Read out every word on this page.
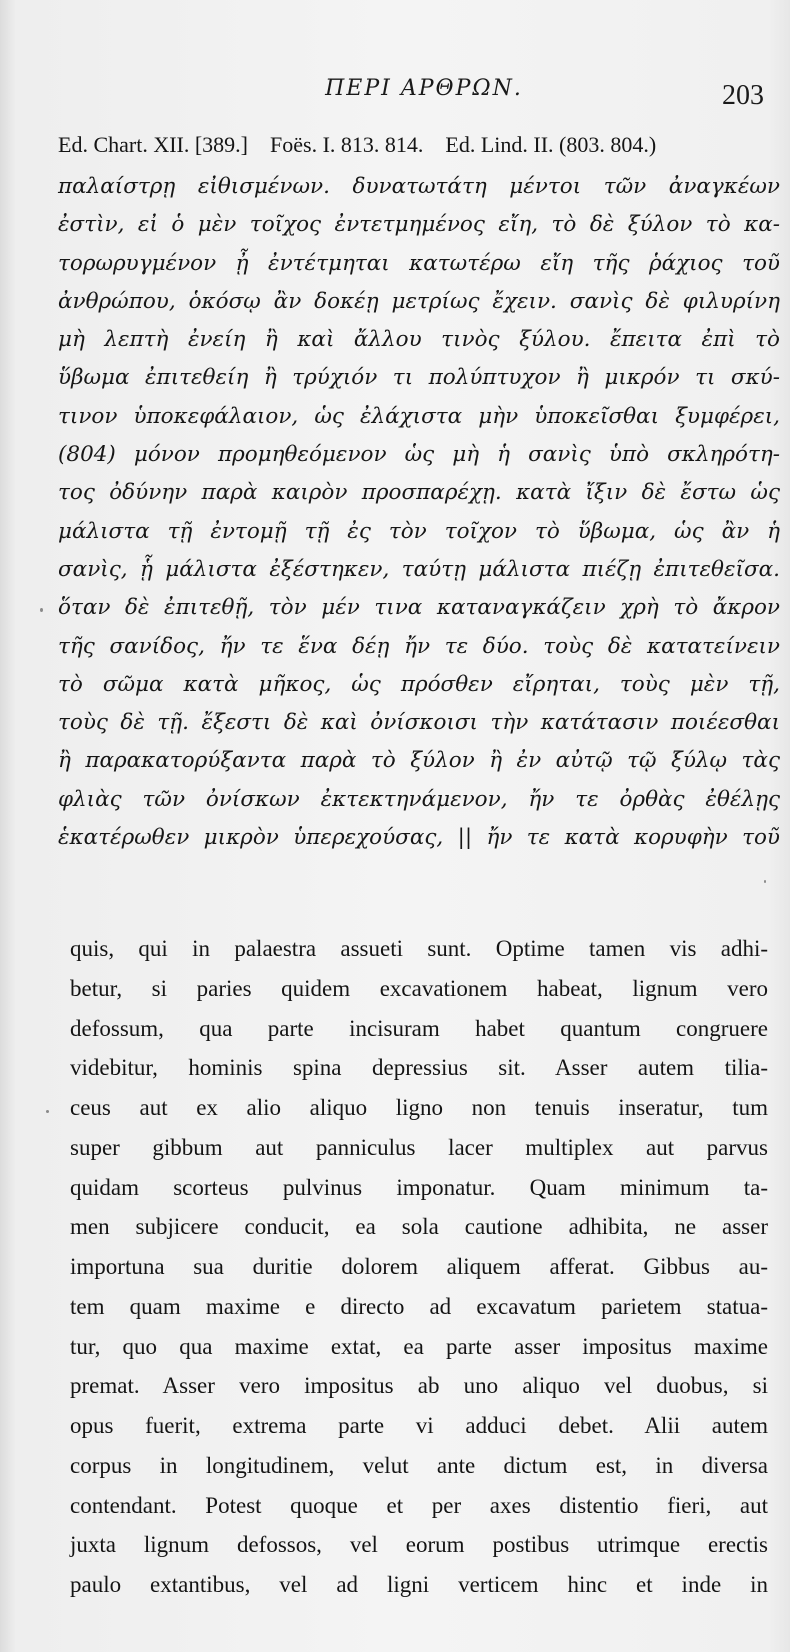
ΠΕΡΙ ΑΡΘΡΩΝ.	203
Ed. Chart. XII. [389.] Foës. I. 813. 814. Ed. Lind. II. (803. 804.)
παλαίστρῃ εἰθισμένων. δυνατωτάτη μέντοι τῶν ἀναγκέων
ἐστὶν, εἰ ὁ μὲν τοῖχος ἐντετμημένος εἴη, τὸ δὲ ξύλον τὸ κα-
τορωρυγμένον ᾖ ἐντέτμηται κατωτέρω εἴη τῆς ῥάχιος τοῦ
ἀνθρώπου, ὁκόσῳ ἂν δοκέῃ μετρίως ἔχειν. σανὶς δὲ φιλυρίνη
μὴ λεπτὴ ἐνείη ἢ καὶ ἄλλου τινὸς ξύλου. ἔπειτα ἐπὶ τὸ
ὕβωμα ἐπιτεθείη ἢ τρύχιόν τι πολύπτυχον ἢ μικρόν τι σκύ-
τινον ὑποκεφάλαιον, ὡς ἐλάχιστα μὴν ὑποκεῖσθαι ξυμφέρει,
(804) μόνον προμηθεόμενον ὡς μὴ ἡ σανὶς ὑπὸ σκληρότη-
τος ὀδύνην παρὰ καιρὸν προσπαρέχῃ. κατὰ ἴξιν δὲ ἔστω ὡς
μάλιστα τῇ ἐντομῇ τῇ ἐς τὸν τοῖχον τὸ ὕβωμα, ὡς ἂν ἡ
σανὶς, ᾗ μάλιστα ἐξέστηκεν, ταύτῃ μάλιστα πιέζῃ ἐπιτεθεῖσα.
ὅταν δὲ ἐπιτεθῇ, τὸν μέν τινα καταναγκάζειν χρὴ τὸ ἄκρον
τῆς σανίδος, ἤν τε ἕνα δέῃ ἤν τε δύο. τοὺς δὲ κατατείνειν
τὸ σῶμα κατὰ μῆκος, ὡς πρόσθεν εἴρηται, τοὺς μὲν τῇ,
τοὺς δὲ τῇ. ἔξεστι δὲ καὶ ὀνίσκοισι τὴν κατάτασιν ποιέεσθαι
ἢ παρακατορύξαντα παρὰ τὸ ξύλον ἢ ἐν αὐτῷ τῷ ξύλῳ τὰς
φλιὰς τῶν ὀνίσκων ἐκτεκτηνάμενον, ἤν τε ὀρθὰς ἐθέλῃς
ἑκατέρωθεν μικρὸν ὑπερεχούσας, || ἤν τε κατὰ κορυφὴν τοῦ
quis, qui in palaestra assueti sunt. Optime tamen vis adhi-
betur, si paries quidem excavationem habeat, lignum vero
defossum, qua parte incisuram habet quantum congruere
videbitur, hominis spina depressius sit. Asser autem tilia-
ceus aut ex alio aliquo ligno non tenuis inseratur, tum
super gibbum aut panniculus lacer multiplex aut parvus
quidam scorteus pulvinus imponatur. Quam minimum ta-
men subjicere conducit, ea sola cautione adhibita, ne asser
importuna sua duritie dolorem aliquem afferat. Gibbus au-
tem quam maxime e directo ad excavatum parietem statua-
tur, quo qua maxime extat, ea parte asser impositus maxime
premat. Asser vero impositus ab uno aliquo vel duobus, si
opus fuerit, extrema parte vi adduci debet. Alii autem
corpus in longitudinem, velut ante dictum est, in diversa
contendant. Potest quoque et per axes distentio fieri, aut
juxta lignum defossos, vel eorum postibus utrimque erectis
paulo extantibus, vel ad ligni verticem hinc et inde in
